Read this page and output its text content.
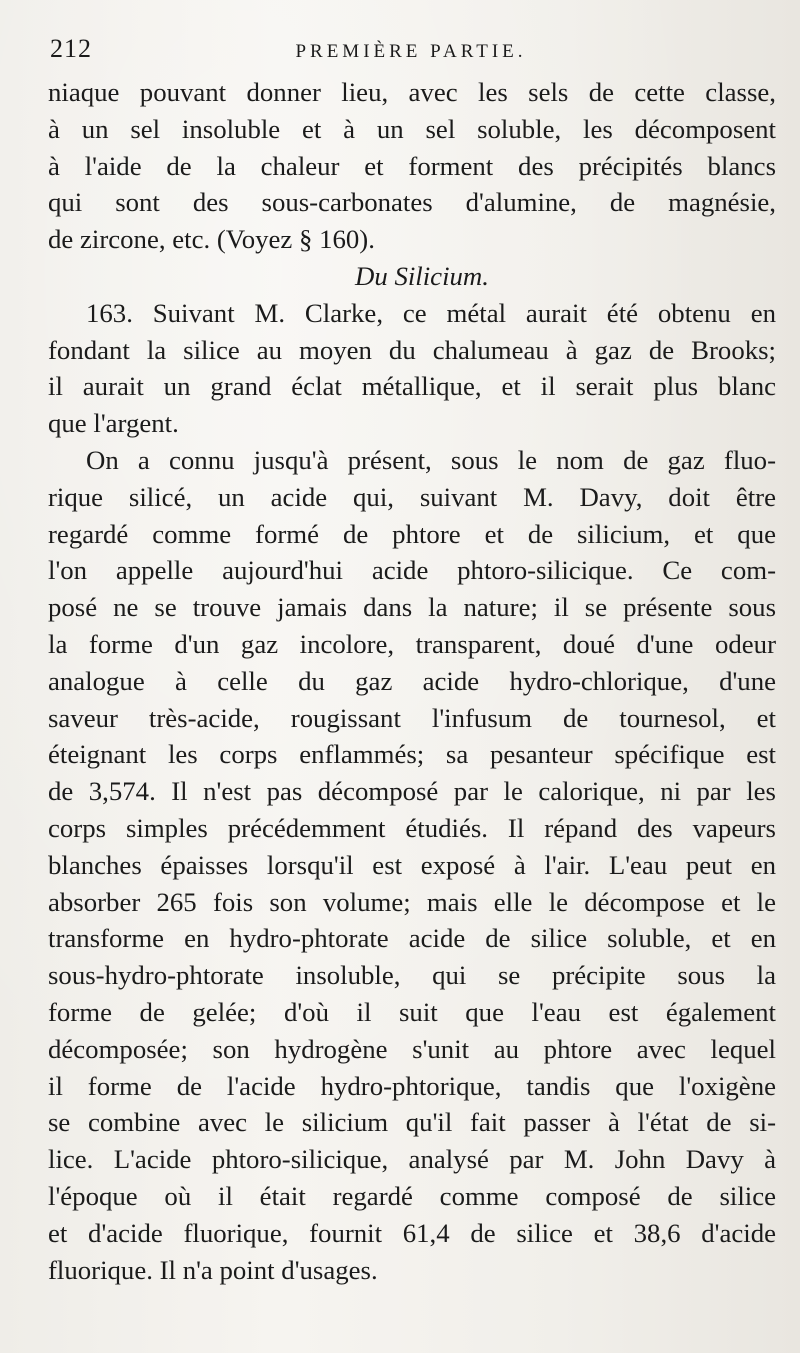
212	PREMIÈRE PARTIE.
niaque pouvant donner lieu, avec les sels de cette classe,
à un sel insoluble et à un sel soluble, les décomposent
à l'aide de la chaleur et forment des précipités blancs
qui sont des sous-carbonates d'alumine, de magnésie,
de zircone, etc. (Voyez § 160).
Du Silicium.
163. Suivant M. Clarke, ce métal aurait été obtenu en
fondant la silice au moyen du chalumeau à gaz de Brooks;
il aurait un grand éclat métallique, et il serait plus blanc
que l'argent.
On a connu jusqu'à présent, sous le nom de gaz fluo-
rique silicé, un acide qui, suivant M. Davy, doit être
regardé comme formé de phtore et de silicium, et que
l'on appelle aujourd'hui acide phtoro-silicique. Ce com-
posé ne se trouve jamais dans la nature; il se présente sous
la forme d'un gaz incolore, transparent, doué d'une odeur
analogue à celle du gaz acide hydro-chlorique, d'une
saveur très-acide, rougissant l'infusum de tournesol, et
éteignant les corps enflammés; sa pesanteur spécifique est
de 3,574. Il n'est pas décomposé par le calorique, ni par les
corps simples précédemment étudiés. Il répand des vapeurs
blanches épaisses lorsqu'il est exposé à l'air. L'eau peut en
absorber 265 fois son volume; mais elle le décompose et le
transforme en hydro-phtorate acide de silice soluble, et en
sous-hydro-phtorate insoluble, qui se précipite sous la
forme de gelée; d'où il suit que l'eau est également
décomposée; son hydrogène s'unit au phtore avec lequel
il forme de l'acide hydro-phtorique, tandis que l'oxigène
se combine avec le silicium qu'il fait passer à l'état de si-
lice. L'acide phtoro-silicique, analysé par M. John Davy à
l'époque où il était regardé comme composé de silice
et d'acide fluorique, fournit 61,4 de silice et 38,6 d'acide
fluorique. Il n'a point d'usages.
